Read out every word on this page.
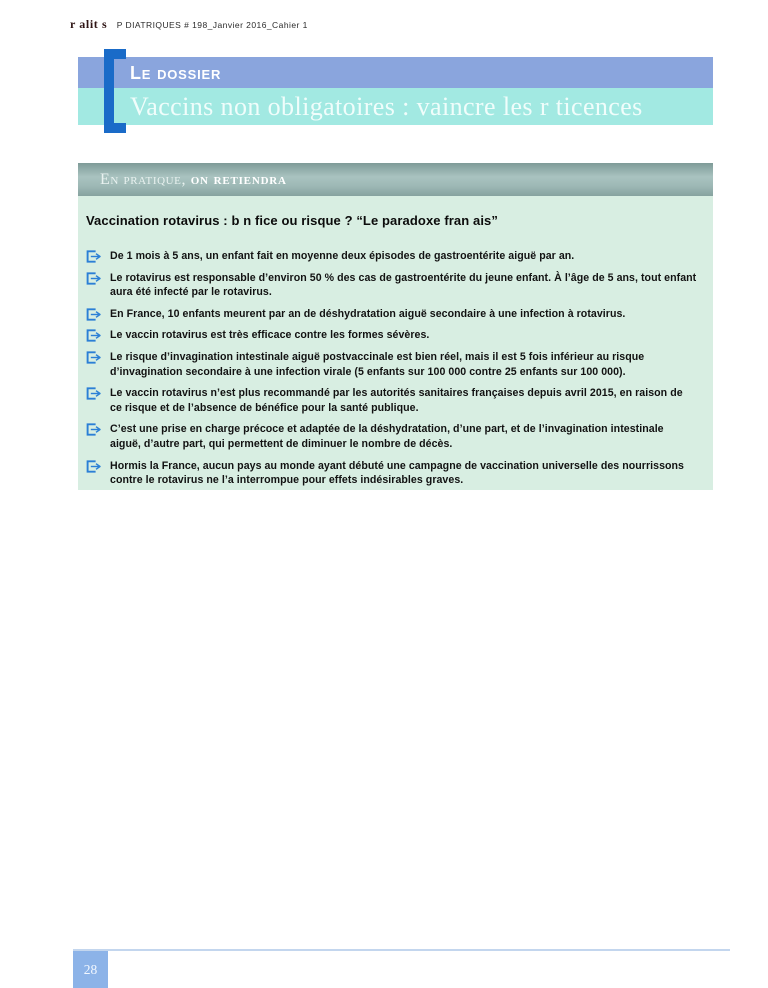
r alit s P DIATRIQUES # 198_Janvier 2016_Cahier 1
Le dossier
Vaccins non obligatoires : vaincre les r ticences
En pratique, on retiendra
Vaccination rotavirus : b n fice ou risque ? “Le paradoxe fran ais”
De 1 mois à 5 ans, un enfant fait en moyenne deux épisodes de gastroentérite aiguë par an.
Le rotavirus est responsable d’environ 50 % des cas de gastroentérite du jeune enfant. À l’âge de 5 ans, tout enfant aura été infecté par le rotavirus.
En France, 10 enfants meurent par an de déshydratation aiguë secondaire à une infection à rotavirus.
Le vaccin rotavirus est très efficace contre les formes sévères.
Le risque d’invagination intestinale aiguë postvaccinale est bien réel, mais il est 5 fois inférieur au risque d’invagination secondaire à une infection virale (5 enfants sur 100 000 contre 25 enfants sur 100 000).
Le vaccin rotavirus n’est plus recommandé par les autorités sanitaires françaises depuis avril 2015, en raison de ce risque et de l’absence de bénéfice pour la santé publique.
C’est une prise en charge précoce et adaptée de la déshydratation, d’une part, et de l’invagination intestinale aiguë, d’autre part, qui permettent de diminuer le nombre de décès.
Hormis la France, aucun pays au monde ayant débuté une campagne de vaccination universelle des nourrissons contre le rotavirus ne l’a interrompue pour effets indésirables graves.
28
